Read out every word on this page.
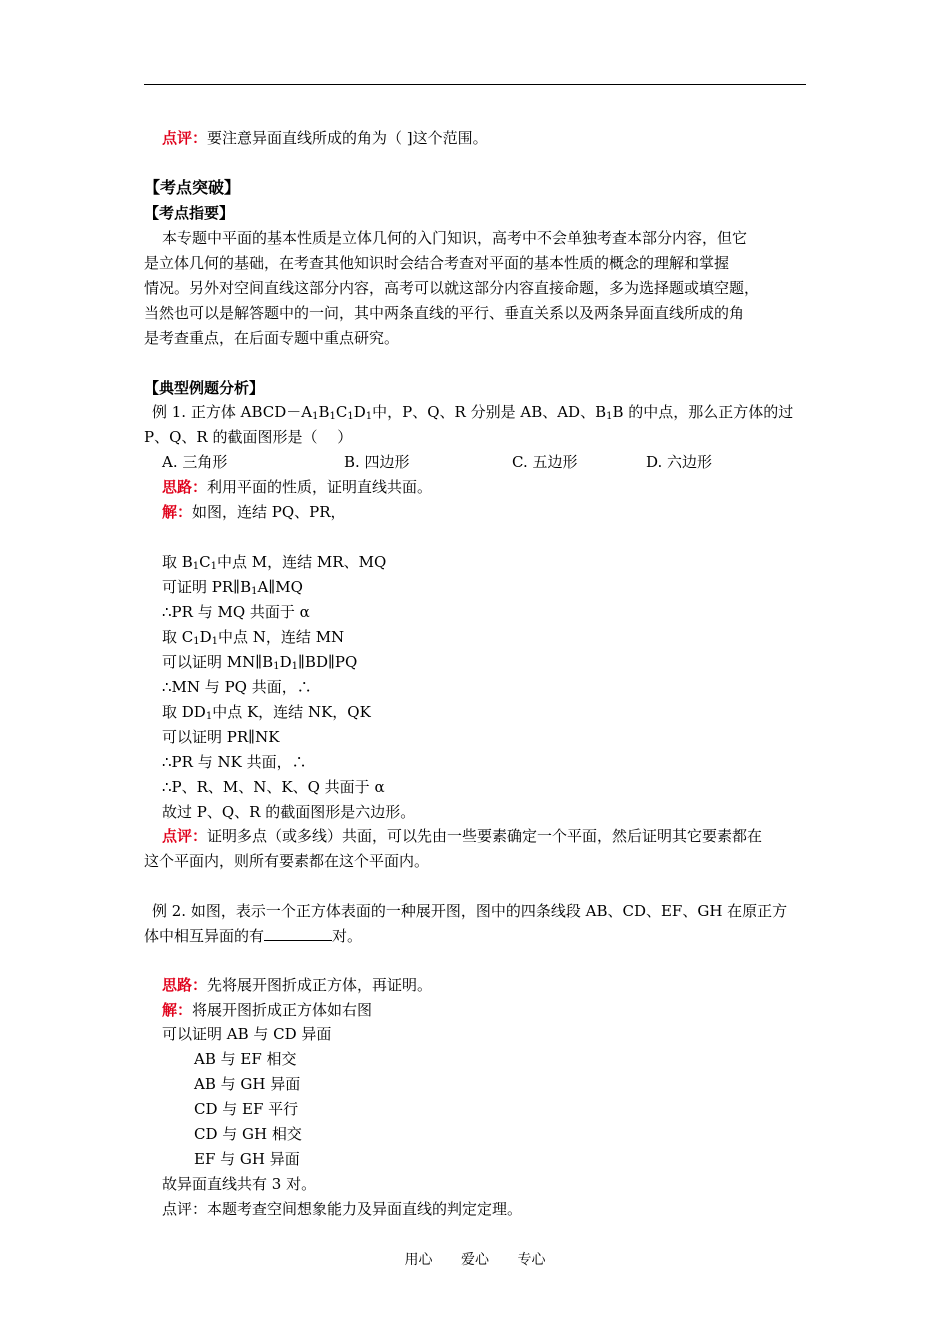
点评：要注意异面直线所成的角为（ ]这个范围。
【考点突破】
【考点指要】
本专题中平面的基本性质是立体几何的入门知识，高考中不会单独考查本部分内容，但它
是立体几何的基础，在考查其他知识时会结合考查对平面的基本性质的概念的理解和掌握
情况。另外对空间直线这部分内容，高考可以就这部分内容直接命题，多为选择题或填空题，
当然也可以是解答题中的一问，其中两条直线的平行、垂直关系以及两条异面直线所成的角
是考查重点，在后面专题中重点研究。
【典型例题分析】
例 1. 正方体 $ABCD-A_1B_1C_1D_1$中，P、Q、R 分别是 AB、AD、$B_1B$ 的中点，那么正方体的过
P、Q、R 的截面图形是（　 ）
A. 三角形	B. 四边形	C. 五边形	D. 六边形
思路：利用平面的性质，证明直线共面。
解：如图，连结 PQ、PR，
取 $B_1C_1$中点 M，连结 MR、MQ
可证明 $PR\parallel B_1A\parallel MQ$
∴PR 与 MQ 共面于 α
取 $C_1D_1$中点 N，连结 MN
可以证明 $MN\parallel B_1D_1\parallel BD\parallel PQ$
∴MN 与 PQ 共面，∴
取 $DD_1$中点 K，连结 NK，QK
可以证明 PR∥NK
∴PR 与 NK 共面，∴
∴P、R、M、N、K、Q 共面于 α
故过 P、Q、R 的截面图形是六边形。
点评：证明多点（或多线）共面，可以先由一些要素确定一个平面，然后证明其它要素都在
这个平面内，则所有要素都在这个平面内。
例 2. 如图，表示一个正方体表面的一种展开图，图中的四条线段 AB、CD、EF、GH 在原正方
体中相互异面的有	对。
思路：先将展开图折成正方体，再证明。
解：将展开图折成正方体如右图
可以证明 AB 与 CD 异面
AB 与 EF 相交
AB 与 GH 异面
CD 与 EF 平行
CD 与 GH 相交
EF 与 GH 异面
故异面直线共有 3 对。
点评：本题考查空间想象能力及异面直线的判定定理。
用心 爱心 专心
